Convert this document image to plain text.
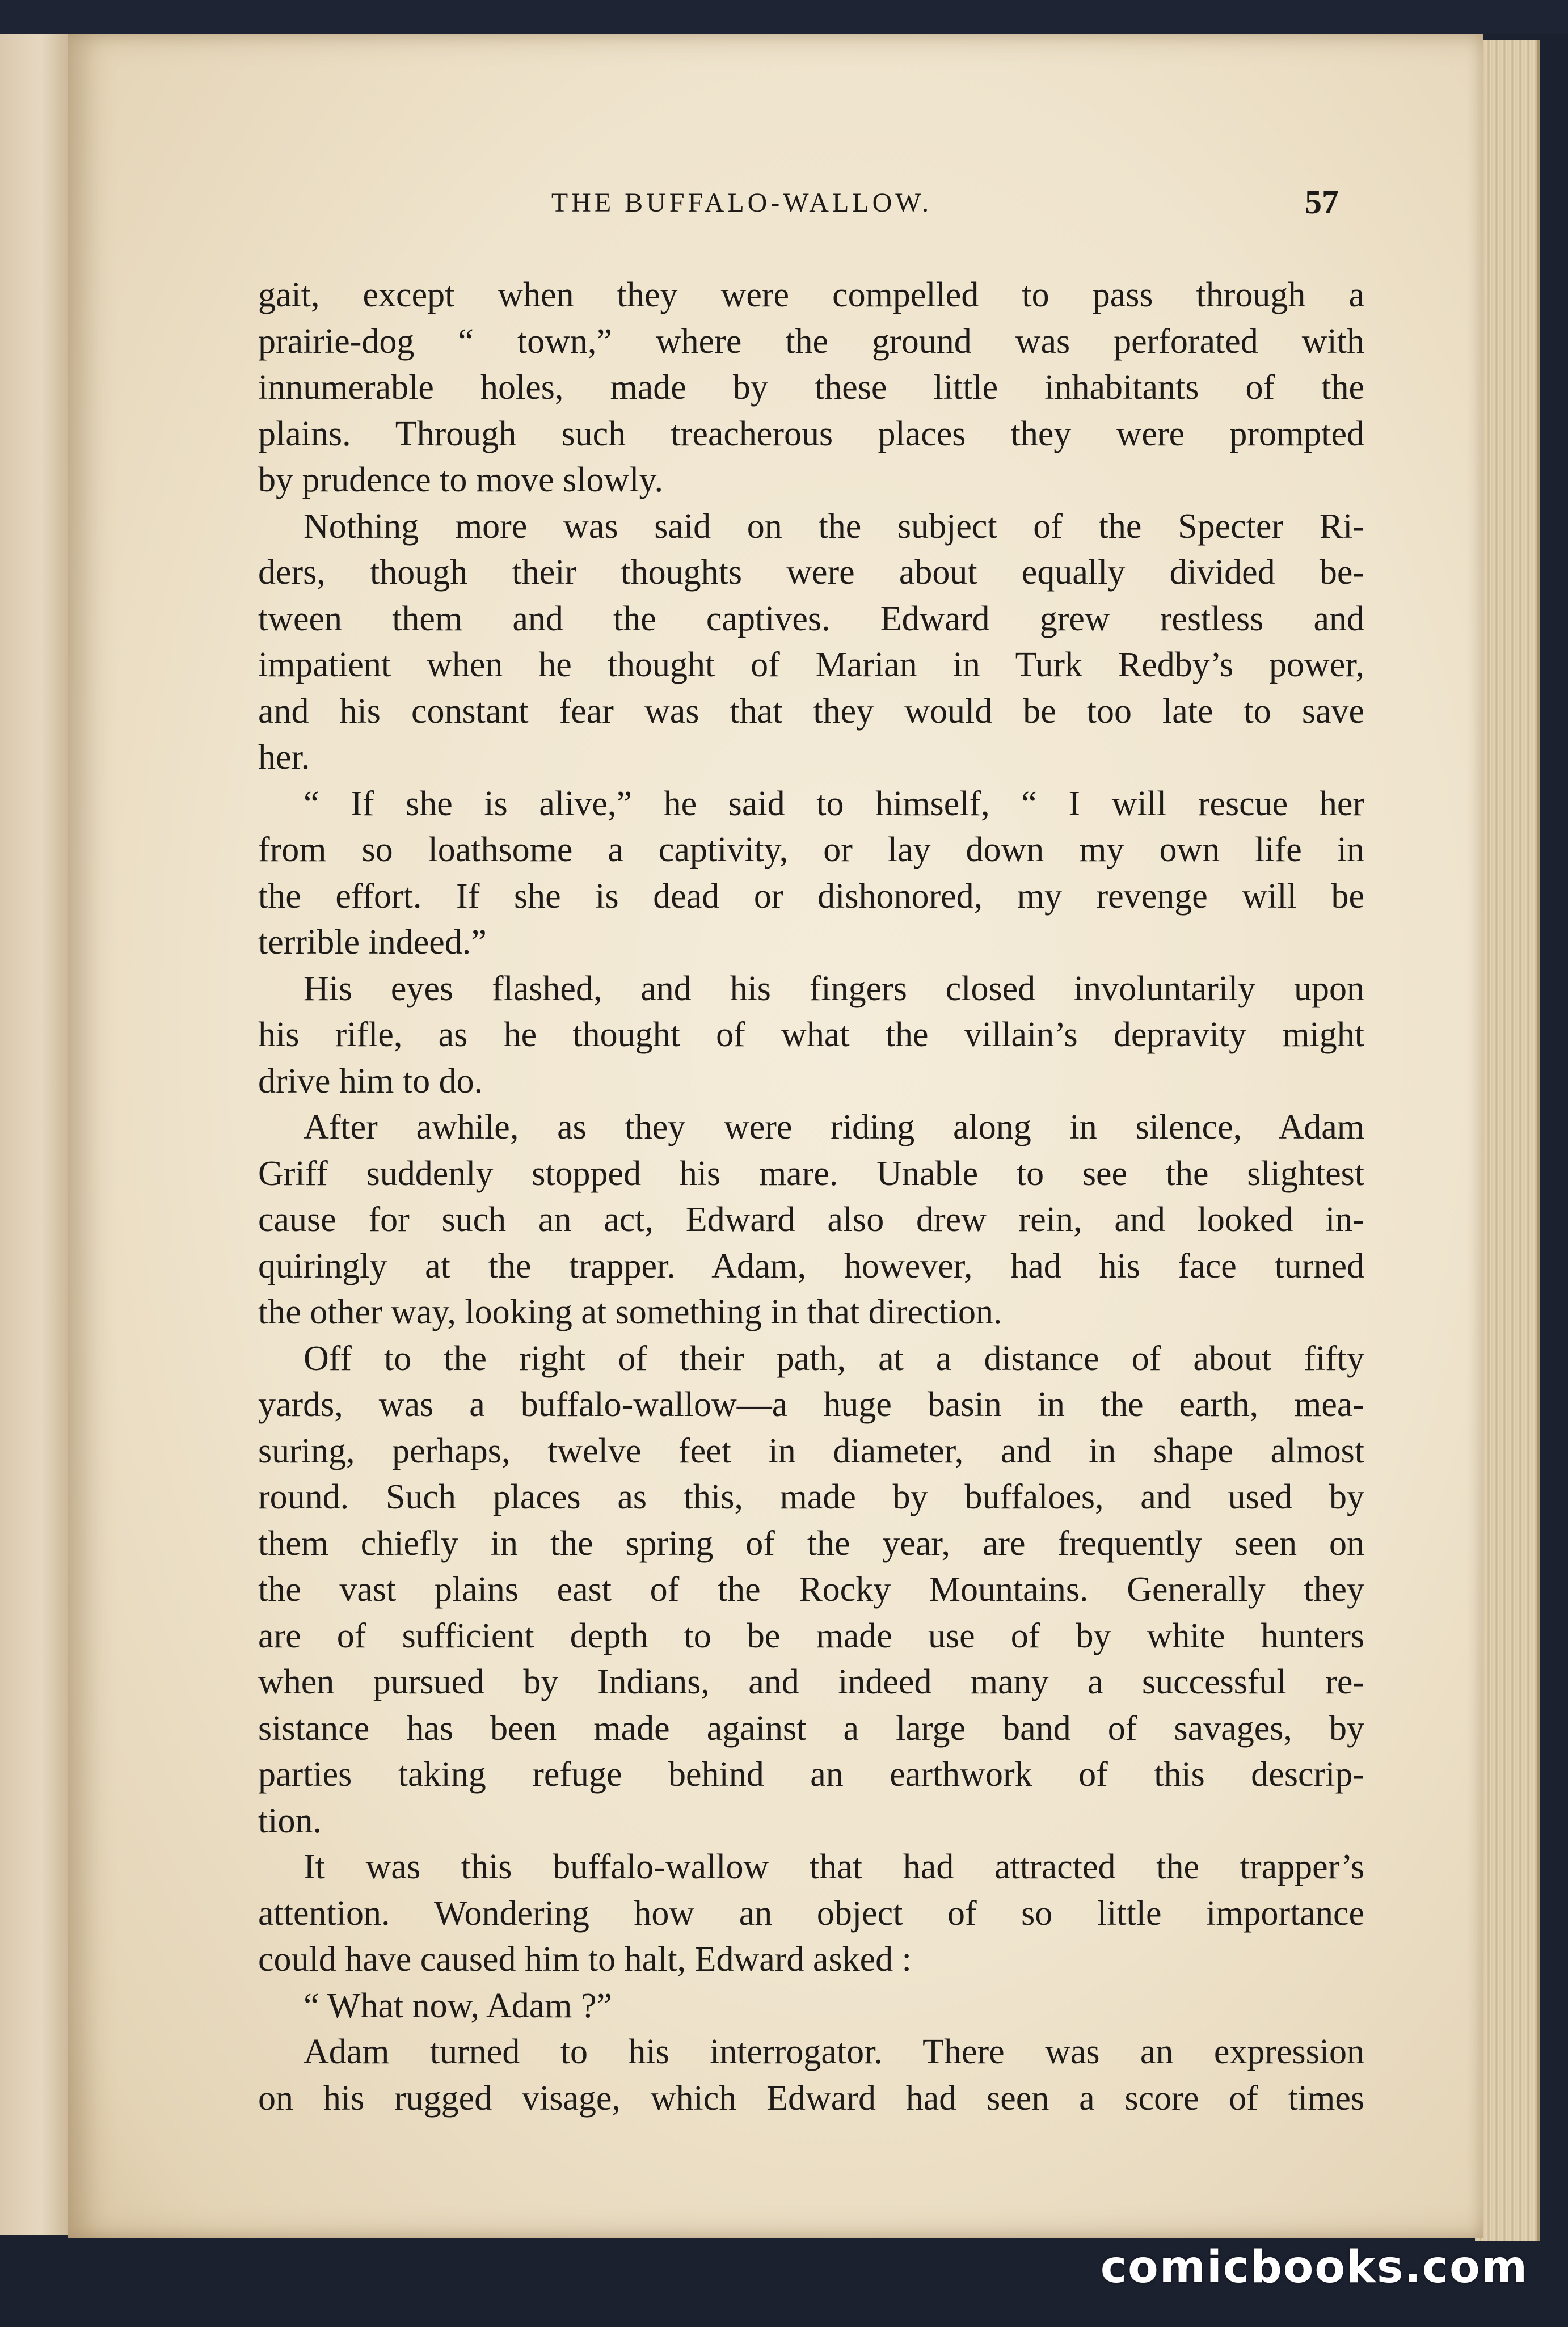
THE BUFFALO-WALLOW.	57
gait, except when they were compelled to pass through a
prairie-dog “ town,” where the ground was perforated with
innumerable holes, made by these little inhabitants of the
plains. Through such treacherous places they were prompted
by prudence to move slowly.
Nothing more was said on the subject of the Specter Ri-
ders, though their thoughts were about equally divided be-
tween them and the captives. Edward grew restless and
impatient when he thought of Marian in Turk Redby’s power,
and his constant fear was that they would be too late to save
her.
“ If she is alive,” he said to himself, “ I will rescue her
from so loathsome a captivity, or lay down my own life in
the effort. If she is dead or dishonored, my revenge will be
terrible indeed.”
His eyes flashed, and his fingers closed involuntarily upon
his rifle, as he thought of what the villain’s depravity might
drive him to do.
After awhile, as they were riding along in silence, Adam
Griff suddenly stopped his mare. Unable to see the slightest
cause for such an act, Edward also drew rein, and looked in-
quiringly at the trapper. Adam, however, had his face turned
the other way, looking at something in that direction.
Off to the right of their path, at a distance of about fifty
yards, was a buffalo-wallow—a huge basin in the earth, mea-
suring, perhaps, twelve feet in diameter, and in shape almost
round. Such places as this, made by buffaloes, and used by
them chiefly in the spring of the year, are frequently seen on
the vast plains east of the Rocky Mountains. Generally they
are of sufficient depth to be made use of by white hunters
when pursued by Indians, and indeed many a successful re-
sistance has been made against a large band of savages, by
parties taking refuge behind an earthwork of this descrip-
tion.
It was this buffalo-wallow that had attracted the trapper’s
attention. Wondering how an object of so little importance
could have caused him to halt, Edward asked :
“ What now, Adam ?”
Adam turned to his interrogator. There was an expression
on his rugged visage, which Edward had seen a score of times
comicbooks.com
